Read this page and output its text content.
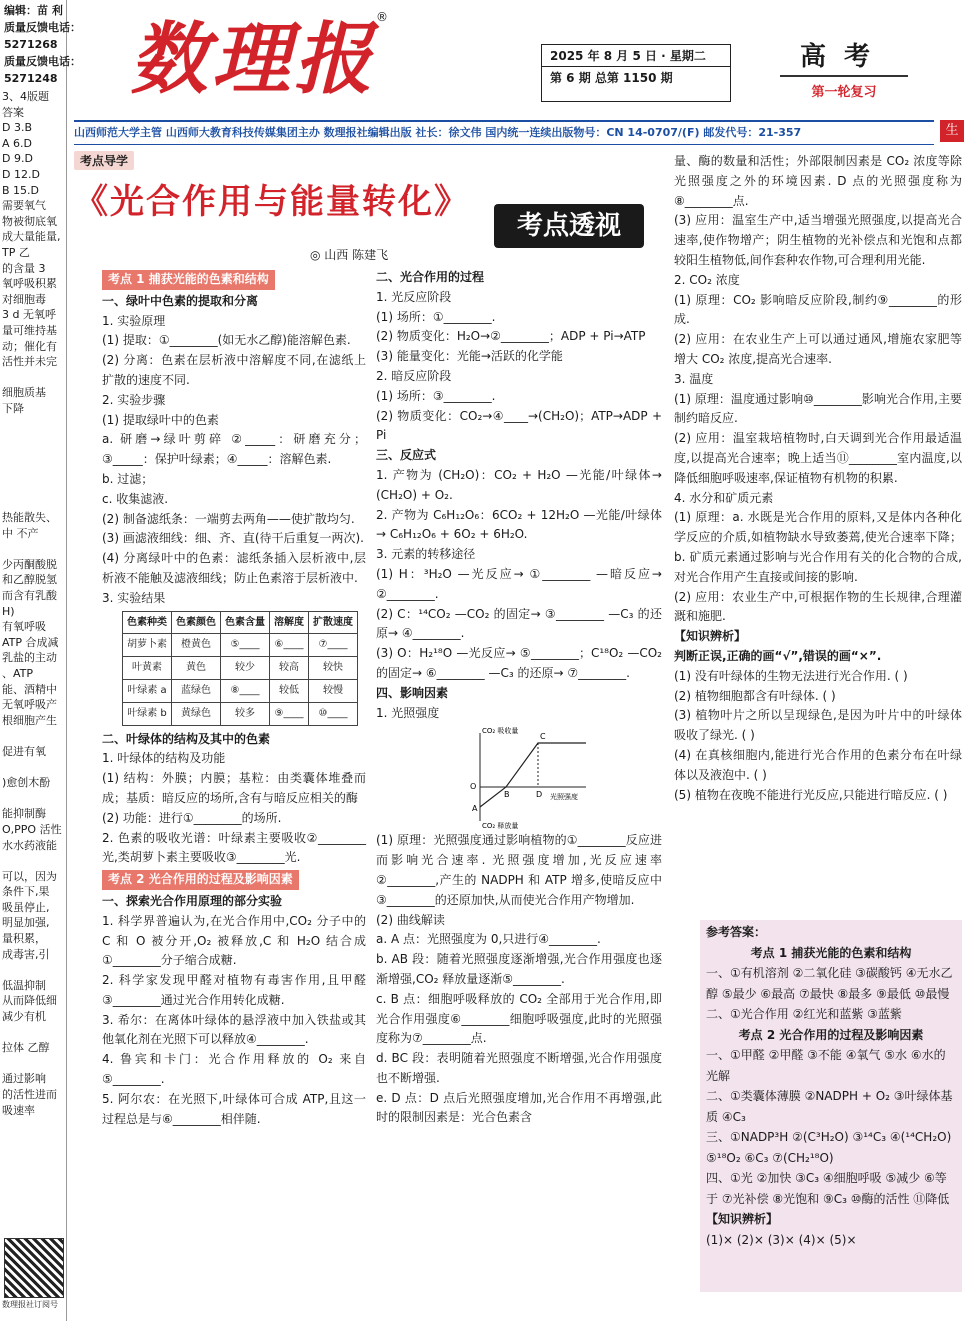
编辑：苗 利
质量反馈电话：
5271268
质量反馈电话：
5271248
3、4版题
答案
D 3.B
A 6.D
D 9.D
D 12.D
B 15.D
需要氧气
物被彻底氧
成大量能量,
TP 乙
的含量 3
氧呼吸积累
对细胞毒
3 d 无氧呼
量可维持基
动；催化有
活性并未完

细胞质基
下降

热能散失、
中 不产

少丙酮酸脱
和乙醇脱氢
而含有乳酸
H)
有氧呼吸
ATP 合成减
乳盐的主动
、ATP
能、酒精中
无氧呼吸产
根细胞产生

促进有氧

)愈创木酚

能抑制酶
O,PPO 活性
水水药液能

可以，因为
条件下,果
吸虽停止,
明显加强,
量积累，
成毒害,引

低温抑制
从而降低细
减少有机

拉体 乙醇

通过影响
的活性进而
吸速率
数理报社订阅号
数理报®
2025 年 8 月 5 日 · 星期二
第 6 期 总第 1150 期
高考
第一轮复习
山西师范大学主管 山西师大教育科技传媒集团主办 数理报社编辑出版 社长：徐文伟 国内统一连续出版物号：CN 14-0707/(F) 邮发代号：21-357	生
考点导学
《光合作用与能量转化》
考点透视
◎ 山西 陈建飞
考点 1 捕获光能的色素和结构

一、绿叶中色素的提取和分离

1. 实验原理

(1) 提取：①________(如无水乙醇)能溶解色素.

(2) 分离：色素在层析液中溶解度不同,在滤纸上扩散的速度不同.

2. 实验步骤

(1) 提取绿叶中的色素

a. 研磨→绿叶剪碎 ②_____：研磨充分；③_____：保护叶绿素；④_____：溶解色素.

b. 过滤；

c. 收集滤液.

(2) 制备滤纸条：一端剪去两角——使扩散均匀.

(3) 画滤液细线：细、齐、直(待干后重复一两次).

(4) 分离绿叶中的色素：滤纸条插入层析液中,层析液不能触及滤液细线；防止色素溶于层析液中.

3. 实验结果

色素种类	色素颜色	色素含量	溶解度	扩散速度
胡萝卜素	橙黄色	⑤____	⑥____	⑦____
叶黄素	黄色	较少	较高	较快
叶绿素 a	蓝绿色	⑧____	较低	较慢
叶绿素 b	黄绿色	较多	⑨____	⑩____

二、叶绿体的结构及其中的色素

1. 叶绿体的结构及功能

(1) 结构：外膜；内膜；基粒：由类囊体堆叠而成；基质：暗反应的场所,含有与暗反应相关的酶

(2) 功能：进行①________的场所.

2. 色素的吸收光谱：叶绿素主要吸收②________光,类胡萝卜素主要吸收③________光.

考点 2 光合作用的过程及影响因素

一、探索光合作用原理的部分实验

1. 科学界普遍认为,在光合作用中,CO₂ 分子中的 C 和 O 被分开,O₂ 被释放,C 和 H₂O 结合成①________分子缩合成糖.

2. 科学家发现甲醛对植物有毒害作用,且甲醛③________通过光合作用转化成糖.

3. 希尔：在离体叶绿体的悬浮液中加入铁盐或其他氧化剂在光照下可以释放④________.

4. 鲁宾和卡门：光合作用释放的 O₂ 来自⑤________.

5. 阿尔农：在光照下,叶绿体可合成 ATP,且这一过程总是与⑥________相伴随.

二、光合作用的过程

1. 光反应阶段

(1) 场所：①________.

(2) 物质变化：H₂O→②________；ADP + Pi→ATP

(3) 能量变化：光能→活跃的化学能

2. 暗反应阶段

(1) 场所：③________.

(2) 物质变化：CO₂→④____→(CH₂O)；ATP→ADP + Pi

三、反应式

1. 产物为 (CH₂O)：CO₂ + H₂O —光能/叶绿体→ (CH₂O) + O₂.

2. 产物为 C₆H₁₂O₆：6CO₂ + 12H₂O —光能/叶绿体→ C₆H₁₂O₆ + 6O₂ + 6H₂O.

3. 元素的转移途径

(1) H：³H₂O —光反应→ ①________ —暗反应→ ②________.

(2) C：¹⁴CO₂ —CO₂ 的固定→ ③________ —C₃ 的还原→ ④________.

(3) O：H₂¹⁸O —光反应→ ⑤________；C¹⁸O₂ —CO₂ 的固定→ ⑥________ —C₃ 的还原→ ⑦________.

四、影响因素

1. 光照强度

CO₂ 吸收量
CO₂ 释放量
光照强度
A
B
C
D
O

(1) 原理：光照强度通过影响植物的①________反应进而影响光合速率. 光照强度增加,光反应速率②________,产生的 NADPH 和 ATP 增多,使暗反应中③________的还原加快,从而使光合作用产物增加.

(2) 曲线解读

a. A 点：光照强度为 0,只进行④________.

b. AB 段：随着光照强度逐渐增强,光合作用强度也逐渐增强,CO₂ 释放量逐渐⑤________.

c. B 点：细胞呼吸释放的 CO₂ 全部用于光合作用,即光合作用强度⑥________细胞呼吸强度,此时的光照强度称为⑦________点.

d. BC 段：表明随着光照强度不断增强,光合作用强度也不断增强.

e. D 点：D 点后光照强度增加,光合作用不再增强,此时的限制因素是：光合色素含

量、酶的数量和活性；外部限制因素是 CO₂ 浓度等除光照强度之外的环境因素. D 点的光照强度称为⑧________点.

(3) 应用：温室生产中,适当增强光照强度,以提高光合速率,使作物增产；阴生植物的光补偿点和光饱和点都较阳生植物低,间作套种农作物,可合理利用光能.

2. CO₂ 浓度

(1) 原理：CO₂ 影响暗反应阶段,制约⑨________的形成.

(2) 应用：在农业生产上可以通过通风,增施农家肥等增大 CO₂ 浓度,提高光合速率.

3. 温度

(1) 原理：温度通过影响⑩________影响光合作用,主要制约暗反应.

(2) 应用：温室栽培植物时,白天调到光合作用最适温度,以提高光合速率；晚上适当⑪________室内温度,以降低细胞呼吸速率,保证植物有机物的积累.

4. 水分和矿质元素

(1) 原理：a. 水既是光合作用的原料,又是体内各种化学反应的介质,如植物缺水导致萎蔫,使光合速率下降；b. 矿质元素通过影响与光合作用有关的化合物的合成,对光合作用产生直接或间接的影响.

(2) 应用：农业生产中,可根据作物的生长规律,合理灌溉和施肥.

【知识辨析】

判断正误,正确的画“√”,错误的画“×”.

(1) 没有叶绿体的生物无法进行光合作用. ( )

(2) 植物细胞都含有叶绿体. ( )

(3) 植物叶片之所以呈现绿色,是因为叶片中的叶绿体吸收了绿光. ( )

(4) 在真核细胞内,能进行光合作用的色素分布在叶绿体以及液泡中. ( )

(5) 植物在夜晚不能进行光反应,只能进行暗反应. ( )

参考答案：

考点 1 捕获光能的色素和结构

一、①有机溶剂 ②二氧化硅 ③碳酸钙 ④无水乙醇 ⑤最少 ⑥最高 ⑦最快 ⑧最多 ⑨最低 ⑩最慢

二、①光合作用 ②红光和蓝紫 ③蓝紫

考点 2 光合作用的过程及影响因素

一、①甲醛 ②甲醛 ③不能 ④氧气 ⑤水 ⑥水的光解

二、①类囊体薄膜 ②NADPH + O₂ ③叶绿体基质 ④C₃

三、①NADP³H ②(C³H₂O) ③¹⁴C₃ ④(¹⁴CH₂O) ⑤¹⁸O₂ ⑥C₃ ⑦(CH₂¹⁸O)

四、①光 ②加快 ③C₃ ④细胞呼吸 ⑤减少 ⑥等于 ⑦光补偿 ⑧光饱和 ⑨C₃ ⑩酶的活性 ⑪降低

【知识辨析】

(1)× (2)× (3)× (4)× (5)×
